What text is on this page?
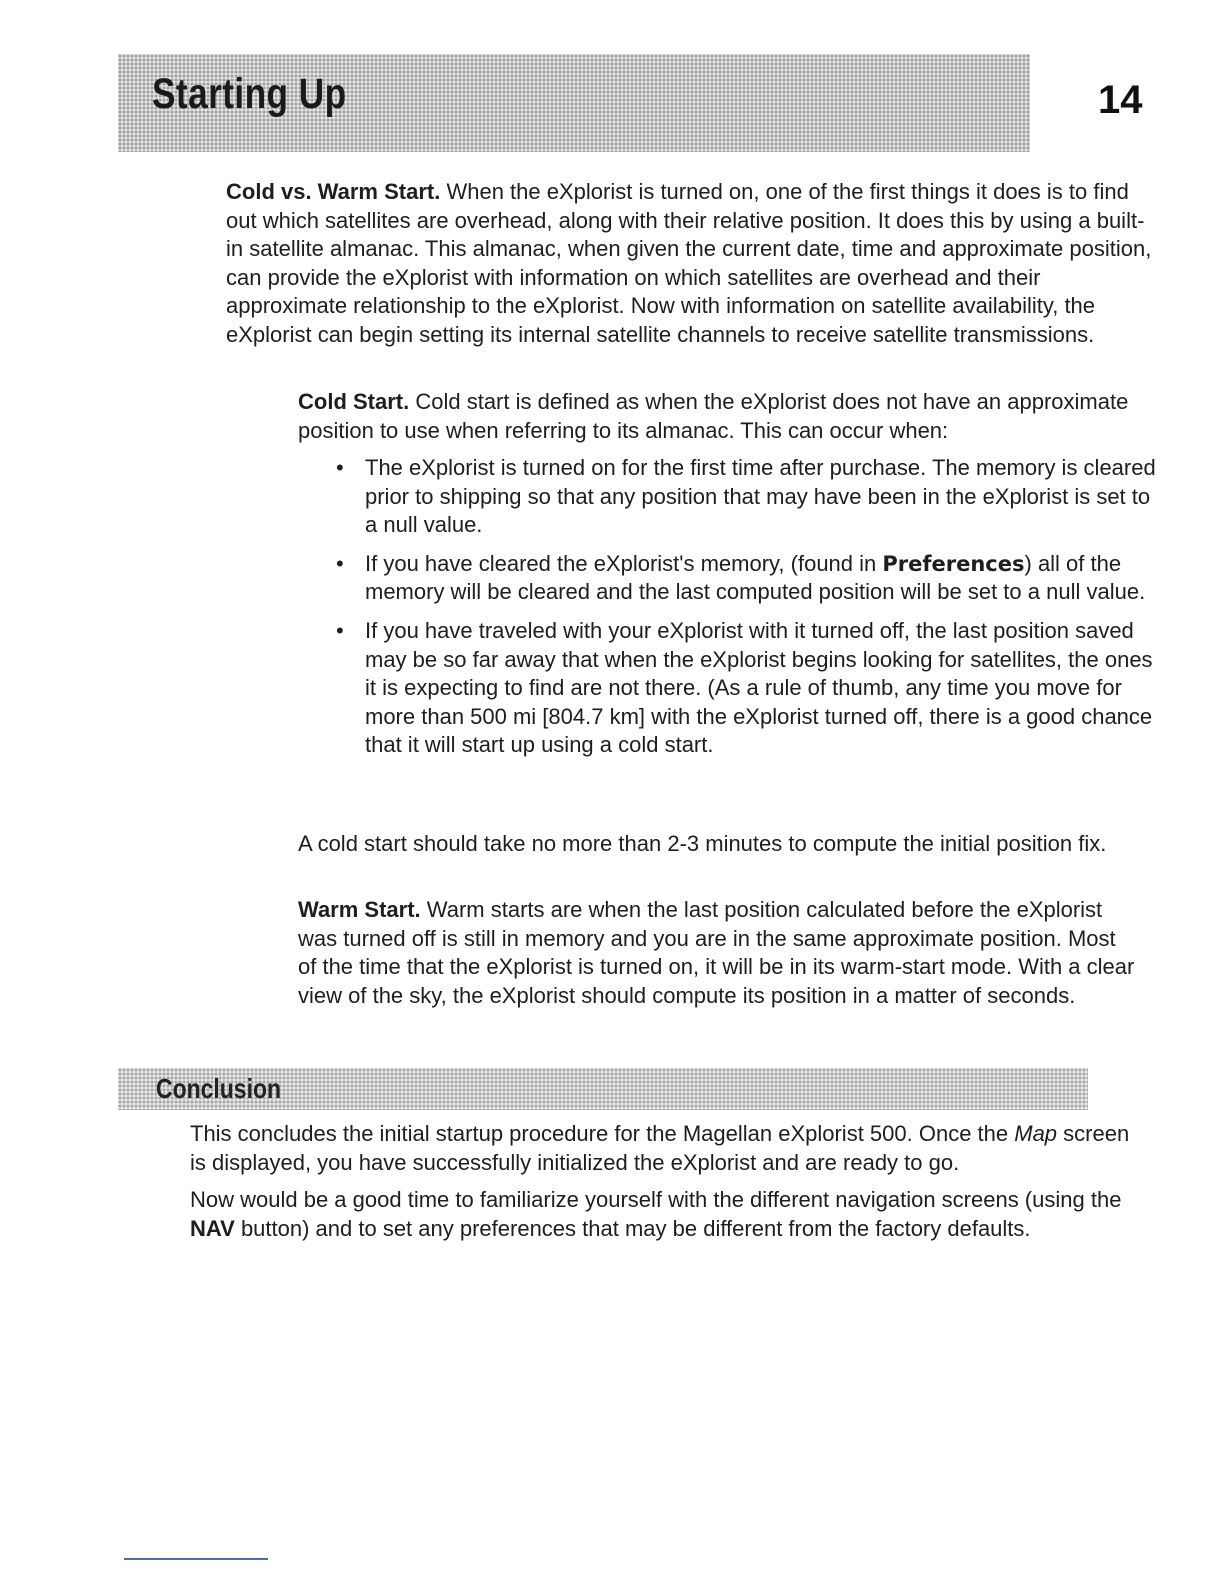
Starting Up	14

Cold vs. Warm Start. When the eXplorist is turned on, one of the first things it does is to find out which satellites are overhead, along with their relative position. It does this by using a built-in satellite almanac. This almanac, when given the current date, time and approximate position, can provide the eXplorist with information on which satellites are overhead and their approximate relationship to the eXplorist. Now with information on satellite availability, the eXplorist can begin setting its internal satellite channels to receive satellite transmissions.

Cold Start. Cold start is defined as when the eXplorist does not have an approximate position to use when referring to its almanac. This can occur when:

• The eXplorist is turned on for the first time after purchase. The memory is cleared prior to shipping so that any position that may have been in the eXplorist is set to a null value.
• If you have cleared the eXplorist's memory, (found in Preferences) all of the memory will be cleared and the last computed position will be set to a null value.
• If you have traveled with your eXplorist with it turned off, the last position saved may be so far away that when the eXplorist begins looking for satellites, the ones it is expecting to find are not there. (As a rule of thumb, any time you move for more than 500 mi [804.7 km] with the eXplorist turned off, there is a good chance that it will start up using a cold start.

A cold start should take no more than 2-3 minutes to compute the initial position fix.

Warm Start. Warm starts are when the last position calculated before the eXplorist was turned off is still in memory and you are in the same approximate position. Most of the time that the eXplorist is turned on, it will be in its warm-start mode. With a clear view of the sky, the eXplorist should compute its position in a matter of seconds.

Conclusion

This concludes the initial startup procedure for the Magellan eXplorist 500. Once the Map screen is displayed, you have successfully initialized the eXplorist and are ready to go.

Now would be a good time to familiarize yourself with the different navigation screens (using the NAV button) and to set any preferences that may be different from the factory defaults.
